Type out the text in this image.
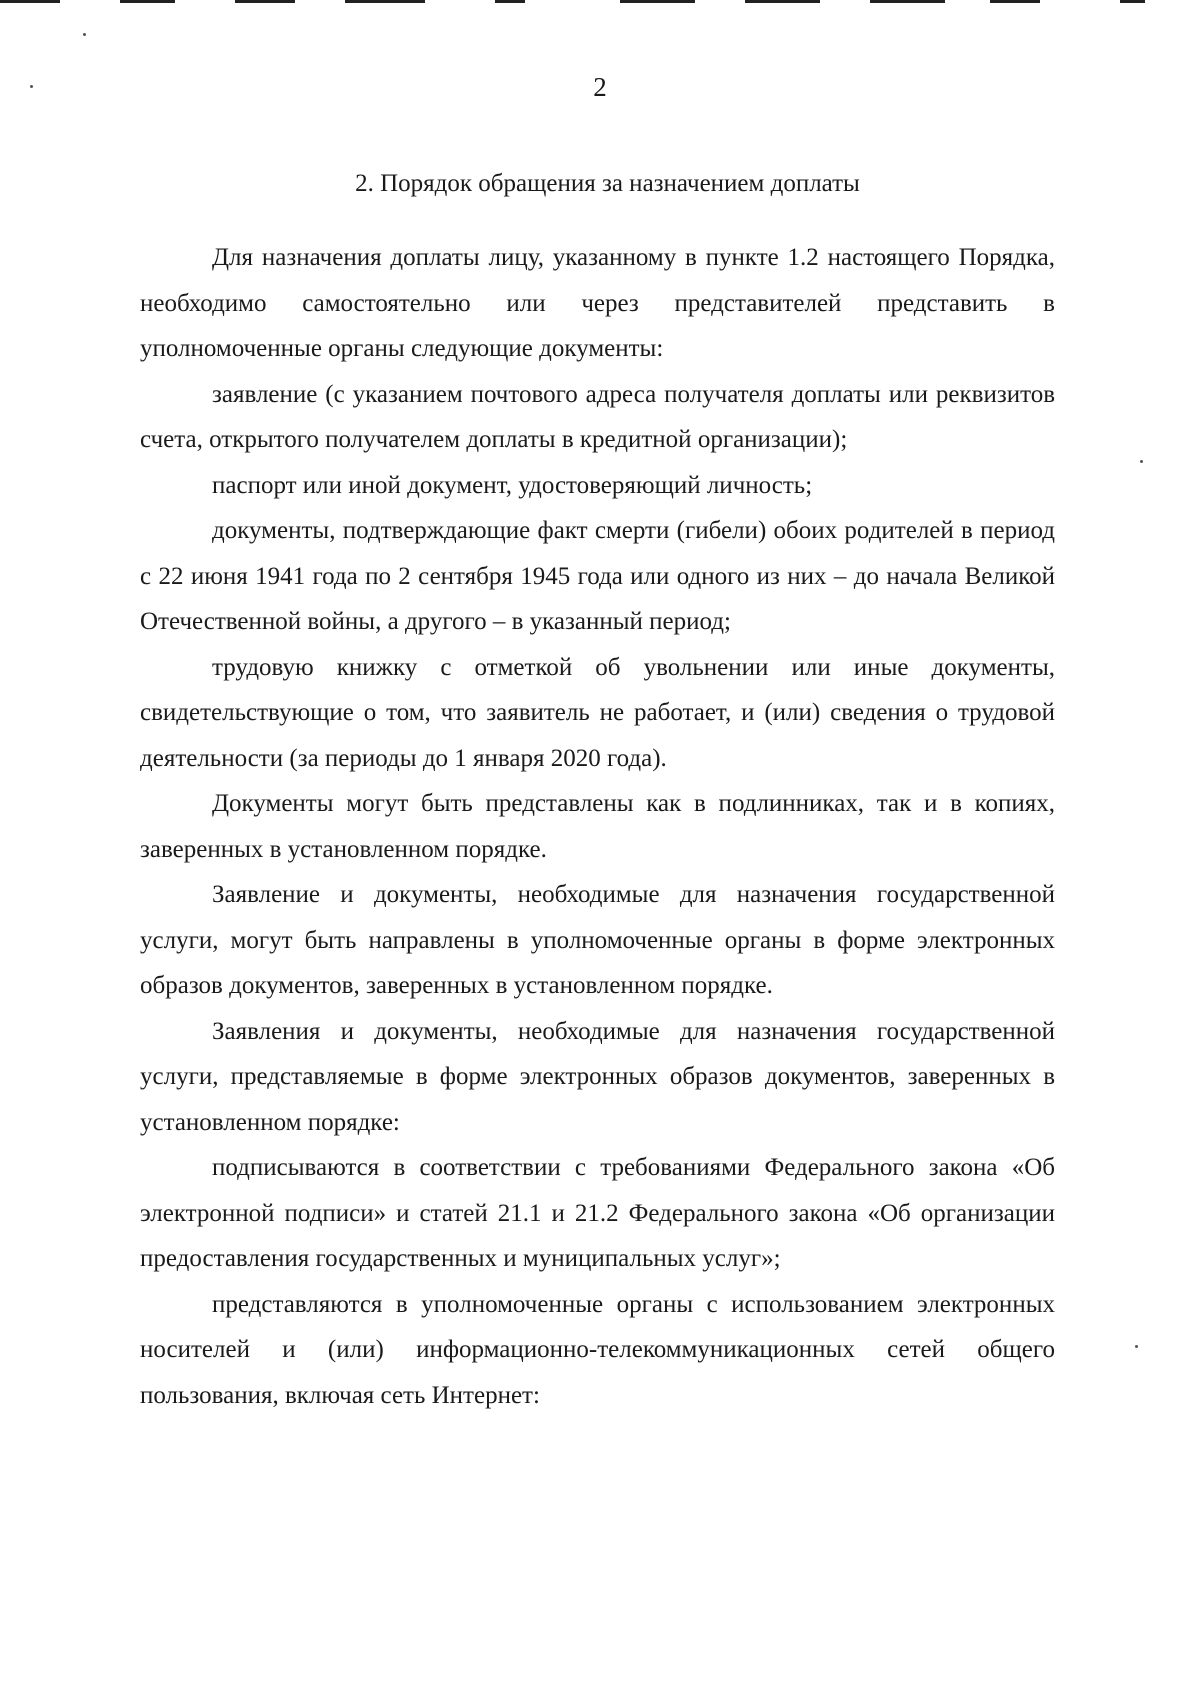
2
2. Порядок обращения за назначением доплаты

Для назначения доплаты лицу, указанному в пункте 1.2 настоящего Порядка, необходимо самостоятельно или через представителей представить в уполномоченные органы следующие документы:

заявление (с указанием почтового адреса получателя доплаты или реквизитов счета, открытого получателем доплаты в кредитной организации);

паспорт или иной документ, удостоверяющий личность;

документы, подтверждающие факт смерти (гибели) обоих родителей в период с 22 июня 1941 года по 2 сентября 1945 года или одного из них – до начала Великой Отечественной войны, а другого – в указанный период;

трудовую книжку с отметкой об увольнении или иные документы, свидетельствующие о том, что заявитель не работает, и (или) сведения о трудовой деятельности (за периоды до 1 января 2020 года).

Документы могут быть представлены как в подлинниках, так и в копиях, заверенных в установленном порядке.

Заявление и документы, необходимые для назначения государственной услуги, могут быть направлены в уполномоченные органы в форме электронных образов документов, заверенных в установленном порядке.

Заявления и документы, необходимые для назначения государственной услуги, представляемые в форме электронных образов документов, заверенных в установленном порядке:

подписываются в соответствии с требованиями Федерального закона «Об электронной подписи» и статей 21.1 и 21.2 Федерального закона «Об организации предоставления государственных и муниципальных услуг»;

представляются в уполномоченные органы с использованием электронных носителей и (или) информационно-телекоммуникационных сетей общего пользования, включая сеть Интернет:
